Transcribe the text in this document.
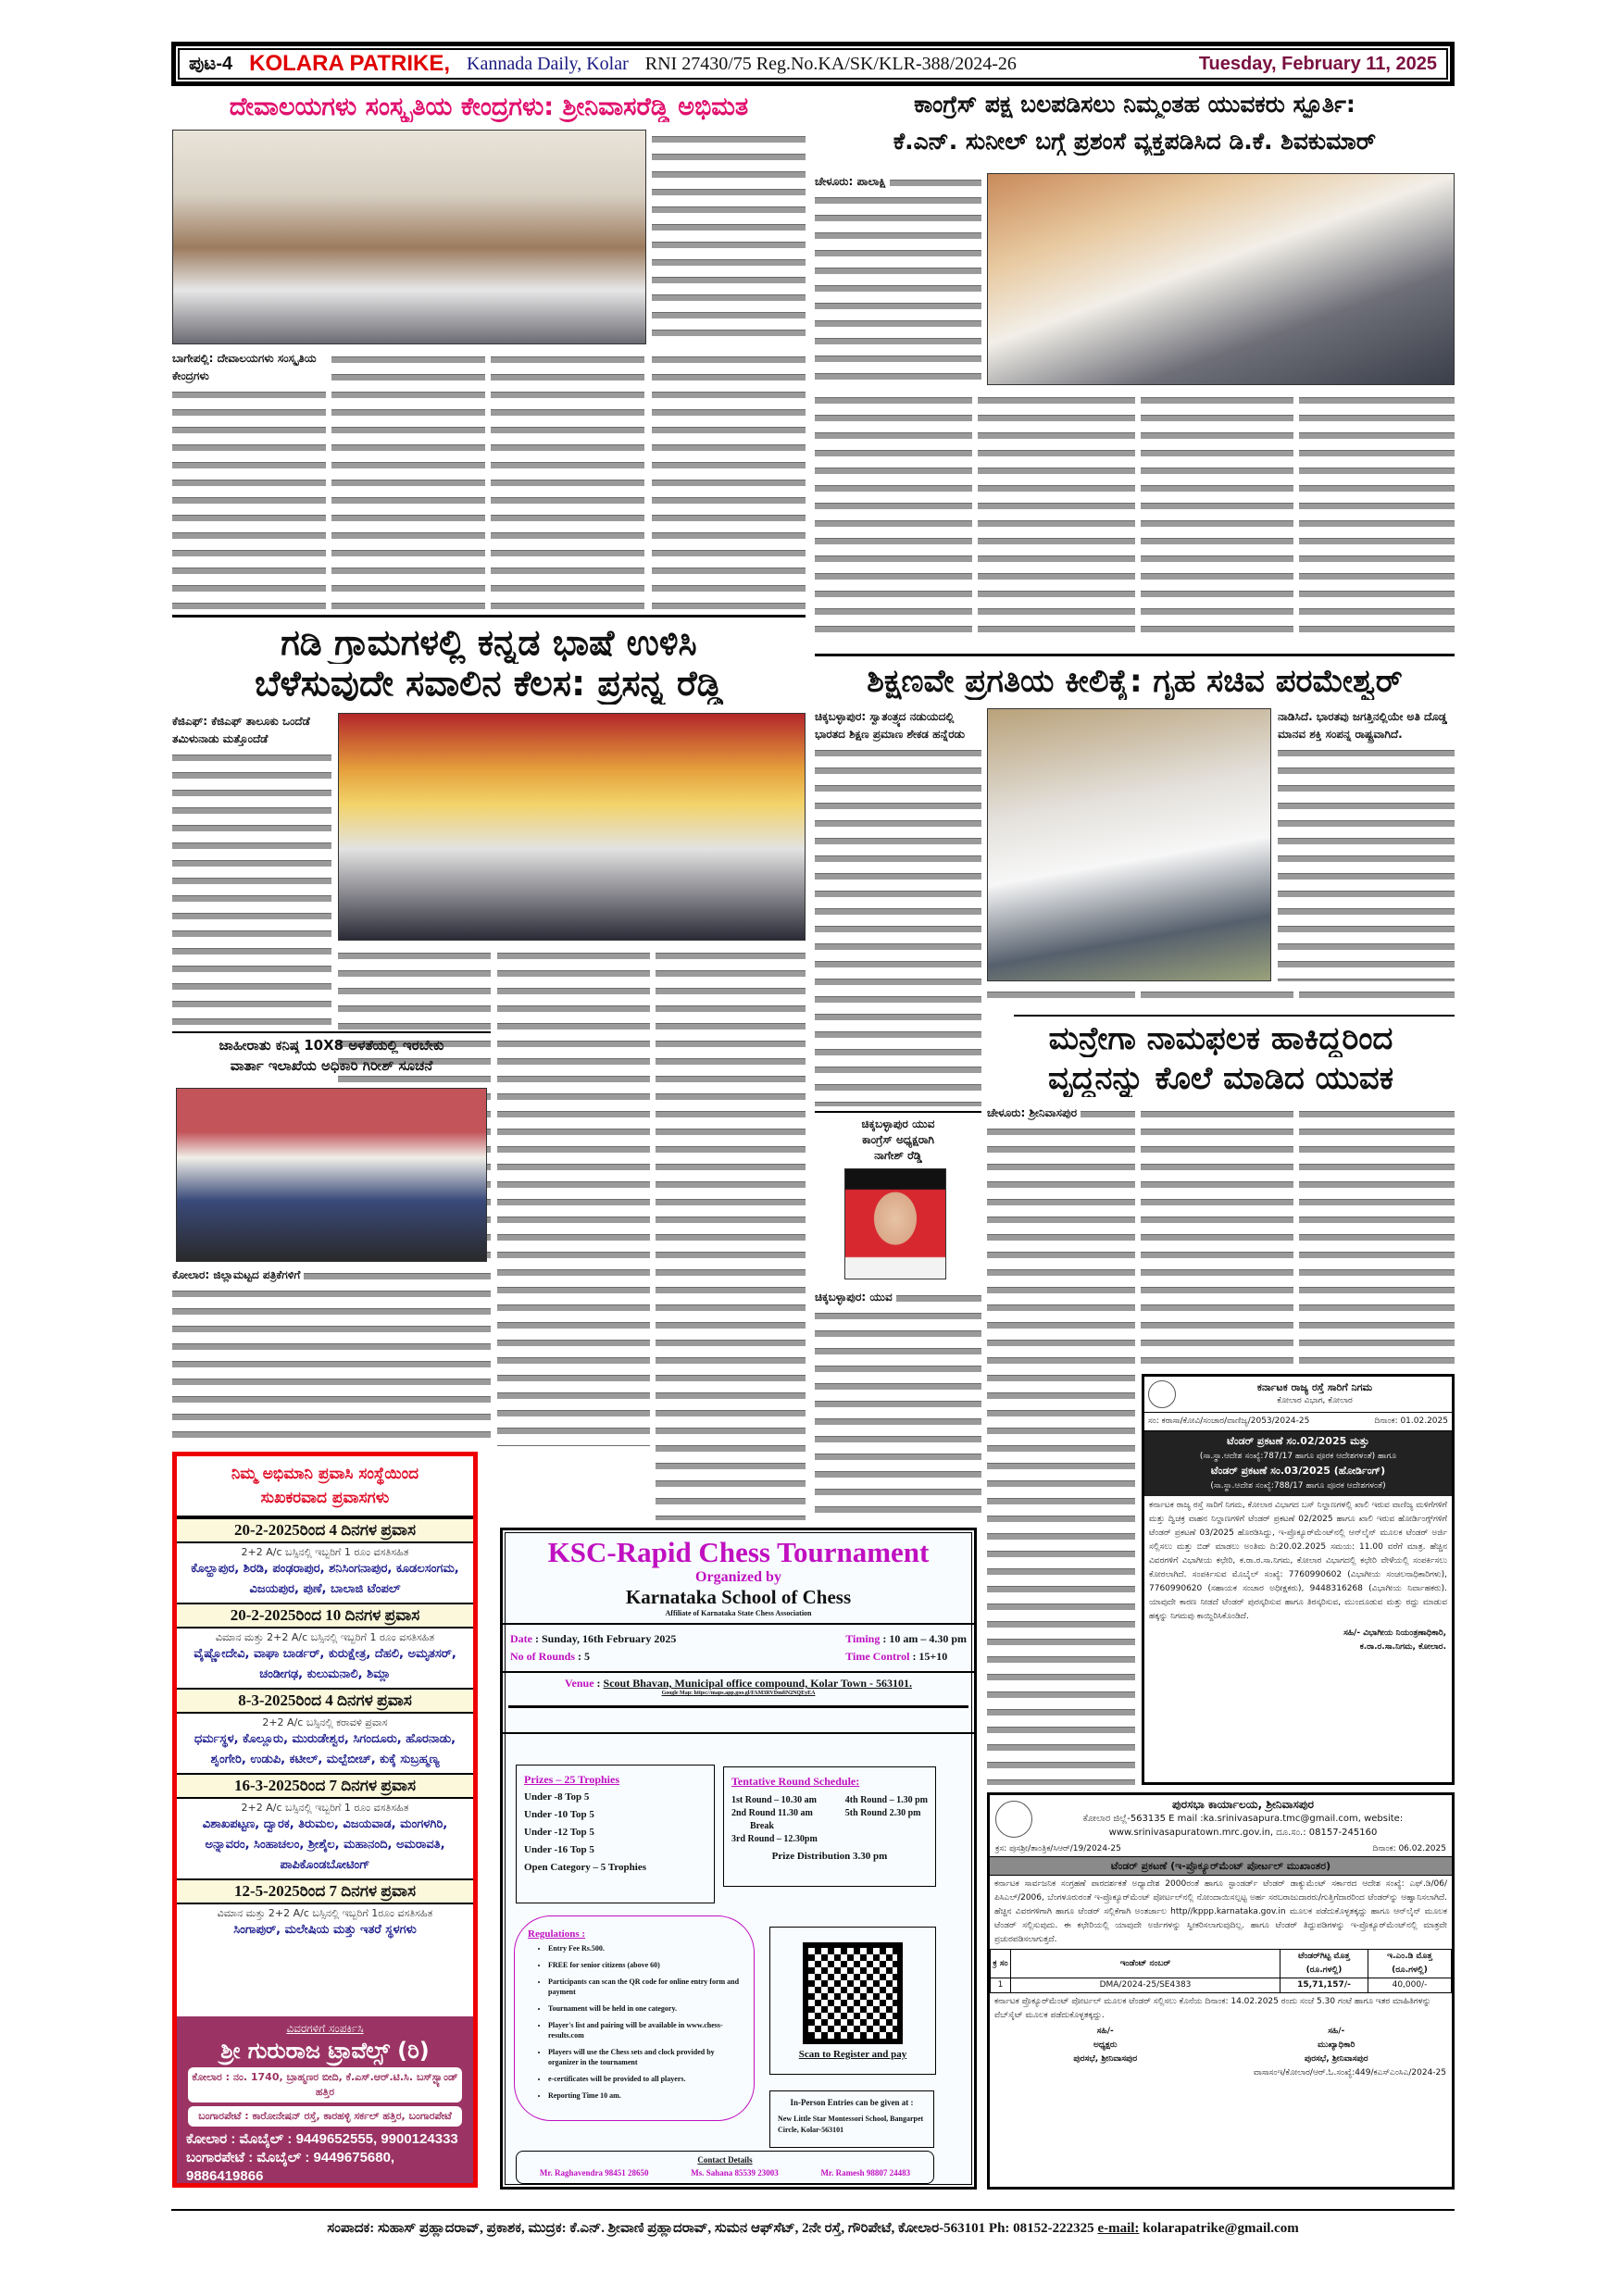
ಪುಟ-4 KOLARA PATRIKE, Kannada Daily, Kolar RNI 27430/75 Reg.No.KA/SK/KLR-388/2024-26	Tuesday, February 11, 2025
ದೇವಾಲಯಗಳು ಸಂಸ್ಕೃತಿಯ ಕೇಂದ್ರಗಳು: ಶ್ರೀನಿವಾಸರೆಡ್ಡಿ ಅಭಿಮತ
ಬಾಗೇಪಲ್ಲಿ: ದೇವಾಲಯಗಳು ಸಂಸ್ಕೃತಿಯ ಕೇಂದ್ರಗಳು
ಕಾಂಗ್ರೆಸ್ ಪಕ್ಷ ಬಲಪಡಿಸಲು ನಿಮ್ಮಂತಹ ಯುವಕರು ಸ್ಫೂರ್ತಿ:
ಕೆ.ಎನ್. ಸುನೀಲ್ ಬಗ್ಗೆ ಪ್ರಶಂಸೆ ವ್ಯಕ್ತಪಡಿಸಿದ ಡಿ.ಕೆ. ಶಿವಕುಮಾರ್
ಚೇಳೂರು: ಪಾಲಾಕ್ಷಿ
ಗಡಿ ಗ್ರಾಮಗಳಲ್ಲಿ ಕನ್ನಡ ಭಾಷೆ ಉಳಿಸಿ
ಬೆಳೆಸುವುದೇ ಸವಾಲಿನ ಕೆಲಸ: ಪ್ರಸನ್ನ ರೆಡ್ಡಿ
ಕೆಜಿಎಫ್: ಕೆಜಿಎಫ್ ತಾಲೂಕು ಒಂದೆಡೆ ತಮಿಳುನಾಡು ಮತ್ತೊಂದೆಡೆ
ಜಾಹೀರಾತು ಕನಿಷ್ಠ 10X8 ಅಳತೆಯಲ್ಲಿ ಇರಬೇಕು
ವಾರ್ತಾ ಇಲಾಖೆಯ ಅಧಿಕಾರಿ ಗಿರೀಶ್ ಸೂಚನೆ
ಕೋಲಾರ: ಜಿಲ್ಲಾಮಟ್ಟದ ಪತ್ರಿಕೆಗಳಿಗೆ
ಶಿಕ್ಷಣವೇ ಪ್ರಗತಿಯ ಕೀಲಿಕೈ: ಗೃಹ ಸಚಿವ ಪರಮೇಶ್ವರ್
ಚಿಕ್ಕಬಳ್ಳಾಪುರ: ಸ್ವಾತಂತ್ರ್ಯದ ನಡುಯದಲ್ಲಿ ಭಾರತದ ಶಿಕ್ಷಣ ಪ್ರಮಾಣ ಶೇಕಡ ಹನ್ನೆರಡು
ನಾಡಿಸಿದೆ. ಭಾರತವು ಜಗತ್ತಿನಲ್ಲಿಯೇ ಅತಿ ದೊಡ್ಡ ಮಾನವ ಶಕ್ತಿ ಸಂಪನ್ನ ರಾಷ್ಟ್ರವಾಗಿದೆ.
ಚಿಕ್ಕಬಳ್ಳಾಪುರ ಯುವ
ಕಾಂಗ್ರೆಸ್ ಅಧ್ಯಕ್ಷರಾಗಿ
ನಾಗೇಶ್ ರೆಡ್ಡಿ
ಚಿಕ್ಕಬಳ್ಳಾಪುರ: ಯುವ
ಮನ್ರೇಗಾ ನಾಮಫಲಕ ಹಾಕಿದ್ದರಿಂದ
ವೃದ್ಧನನ್ನು ಕೊಲೆ ಮಾಡಿದ ಯುವಕ
ಚೇಳೂರು: ಶ್ರೀನಿವಾಸಪುರ
ಕರ್ನಾಟಕ ರಾಜ್ಯ ರಸ್ತೆ ಸಾರಿಗೆ ನಿಗಮ
ಕೋಲಾರ ವಿಭಾಗ, ಕೋಲಾರ
ಸಂ: ಕರಾಸಾ/ಕೋವಿ/ಸಂಚಾರ/ವಾಣಿಜ್ಯ/2053/2024-25	ದಿನಾಂಕ: 01.02.2025
ಟೆಂಡರ್ ಪ್ರಕಟಣೆ ಸಂ.02/2025 ಮತ್ತು
(ಸಾ.ಸ್ಥಾ.ಆದೇಶ ಸಂಖ್ಯೆ:787/17 ಹಾಗೂ ಪೂರಕ ಆದೇಶಗಳಂತೆ) ಹಾಗೂ
ಟೆಂಡರ್ ಪ್ರಕಟಣೆ ಸಂ.03/2025 (ಹೋರ್ಡಿಂಗ್)
(ಸಾ.ಸ್ಥಾ.ಆದೇಶ ಸಂಖ್ಯೆ:788/17 ಹಾಗೂ ಪೂರಕ ಆದೇಶಗಳಂತೆ)
ಕರ್ನಾಟಕ ರಾಜ್ಯ ರಸ್ತೆ ಸಾರಿಗೆ ನಿಗಮ, ಕೋಲಾರ ವಿಭಾಗದ ಬಸ್ ನಿಲ್ದಾಣಗಳಲ್ಲಿ ಖಾಲಿ ಇರುವ ವಾಣಿಜ್ಯ ಮಳಿಗೆಗಳಿಗೆ ಮತ್ತು ದ್ವಿಚಕ್ರ ವಾಹನ ನಿಲ್ದಾಣಗಳಿಗೆ ಟೆಂಡರ್ ಪ್ರಕಟಣೆ 02/2025 ಹಾಗೂ ಖಾಲಿ ಇರುವ ಹೋರ್ಡಿಂಗ್ಸ್‌ಗಳಿಗೆ ಟೆಂಡರ್ ಪ್ರಕಟಣೆ 03/2025 ಹೊರಡಿಸಿದ್ದು, ಇ-ಪ್ರೊಕ್ಯೂರ್‌ಮೆಂಟ್‌ನಲ್ಲಿ ಆನ್‌ಲೈನ್ ಮೂಲಕ ಟೆಂಡರ್ ಅರ್ಜಿ ಸಲ್ಲಿಸಲು ಮತ್ತು ಬಿಡ್ ಮಾಡಲು ಅಂತಿಮ ದಿ:20.02.2025 ಸಮಯ: 11.00 ವರೆಗೆ ಮಾತ್ರ. ಹೆಚ್ಚಿನ ವಿವರಗಳಿಗೆ ವಿಭಾಗೀಯ ಕಛೇರಿ, ಕ.ರಾ.ರ.ಸಾ.ನಿಗಮ, ಕೋಲಾರ ವಿಭಾಗದಲ್ಲಿ ಕಛೇರಿ ವೇಳೆಯಲ್ಲಿ ಸಂಪರ್ಕಿಸಲು ಕೋರಲಾಗಿದೆ. ಸಂಪರ್ಕಿಸುವ ಮೊಬೈಲ್ ಸಂಖ್ಯೆ: 7760990602 (ವಿಭಾಗೀಯ ಸಂಚಲನಾಧಿಕಾರಿಗಳು), 7760990620 (ಸಹಾಯಕ ಸಂಚಾರ ಅಧೀಕ್ಷಕರು), 9448316268 (ವಿಭಾಗೀಯ ನಿರ್ವಾಹಕರು). ಯಾವುದೇ ಕಾರಣ ನೀಡದೆ ಟೆಂಡರ್ ಪುರಸ್ಕರಿಸುವ ಹಾಗೂ ತಿರಸ್ಕರಿಸುವ, ಮುಂದೂಡುವ ಮತ್ತು ರದ್ದು ಮಾಡುವ ಹಕ್ಕನ್ನು ನಿಗಮವು ಕಾಯ್ದಿರಿಸಿಕೊಂಡಿದೆ.
ಸಹಿ/- ವಿಭಾಗೀಯ ನಿಯಂತ್ರಣಾಧಿಕಾರಿ,
ಕ.ರಾ.ರ.ಸಾ.ನಿಗಮ, ಕೋಲಾರ.
ಪುರಸಭಾ ಕಾರ್ಯಾಲಯ, ಶ್ರೀನಿವಾಸಪುರ
ಕೋಲಾರ ಜಿಲ್ಲೆ-563135 E mail :ka.srinivasapura.tmc@gmail.com, website:
www.srinivasapuratown.mrc.gov.in, ದೂ.ಸಂ.: 08157-245160
ಕ್ರಸ: ಪುಸಶ್ರೀ/ತಾಂತ್ರಿಕ/ಸಿಆರ್/19/2024-25	ದಿನಾಂಕ: 06.02.2025
ಟೆಂಡರ್ ಪ್ರಕಟಣೆ (ಇ-ಪ್ರೊಕ್ಯೂರ್‌ಮೆಂಟ್ ಪೋರ್ಟಲ್ ಮುಖಾಂತರ)
ಕರ್ನಾಟಕ ಸಾರ್ವಜನಿಕ ಸಂಗ್ರಹಣೆ ಪಾರದರ್ಶಕತೆ ಅಧ್ಯಾದೇಶ 2000ರಂತೆ ಹಾಗೂ ಸ್ಟಾಂಡರ್ಡ್ ಟೆಂಡರ್ ಡಾಕ್ಯುಮೆಂಟ್ ಸರ್ಕಾರದ ಆದೇಶ ಸಂಖ್ಯೆ: ಎಫ್.ಡಿ/06/ಪಿಸಿಎಲ್/2006, ಬೆಂಗಳೂರುರಂತೆ ಇ-ಪ್ರೊಕ್ಯೂರ್‌ಮೆಂಟ್ ಪೋರ್ಟಲ್‌ನಲ್ಲಿ ನೋಂದಾಯಿಸಲ್ಪಟ್ಟ ಅರ್ಹ ಸರಬರಾಜುದಾರರು/ಗುತ್ತಿಗೆದಾರರಿಂದ ಟೆಂಡರ್‌ನ್ನು ಆಹ್ವಾನಿಸಲಾಗಿದೆ. ಹೆಚ್ಚಿನ ವಿವರಗಳಿಗಾಗಿ ಹಾಗೂ ಟೆಂಡರ್ ಸಲ್ಲಿಕೆಗಾಗಿ ಅಂತರ್ಜಾಲ http//kppp.karnataka.gov.in ಮೂಲಕ ಪಡೆದುಕೊಳ್ಳತಕ್ಕದ್ದು ಹಾಗೂ ಆನ್‌ಲೈನ್ ಮೂಲಕ ಟೆಂಡರ್ ಸಲ್ಲಿಸುವುದು. ಈ ಕಛೇರಿಯಲ್ಲಿ ಯಾವುದೇ ಅರ್ಜಿಗಳನ್ನು ಸ್ವೀಕರಿಸಲಾಗುವುದಿಲ್ಲ. ಹಾಗೂ ಟೆಂಡರ್ ತಿದ್ದುಪಡಿಗಳನ್ನು ಇ-ಪ್ರೊಕ್ಯೂರ್‌ಮೆಂಟ್‌ನಲ್ಲಿ ಮಾತ್ರವೇ ಪ್ರಚುರಪಡಿಸಲಾಗುತ್ತದೆ.
ಕ್ರ ಸಂ	ಇಂಡೆಂಟ್ ನಂಬರ್	ಟೆಂಡರ್‌ಗಿಟ್ಟ ಮೊತ್ತ (ರೂ.ಗಳಲ್ಲಿ)	ಇ.ಎಂ.ಡಿ ಮೊತ್ತ (ರೂ.ಗಳಲ್ಲಿ)
1	DMA/2024-25/SE4383	15,71,157/-	40,000/-
ಕರ್ನಾಟಕ ಪ್ರೊಕ್ಯೂರ್‌ಮೆಂಟ್ ಪೋರ್ಟಲ್ ಮೂಲಕ ಟೆಂಡರ್ ಸಲ್ಲಿಸಲು ಕೊನೆಯ ದಿನಾಂಕ: 14.02.2025 ರಂದು ಸಂಜೆ 5.30 ಗಂಟೆ ಹಾಗೂ ಇತರ ಮಾಹಿತಿಗಳನ್ನು ವೆಬ್‌ಸೈಟ್ ಮೂಲಕ ಪಡೆದುಕೊಳ್ಳತಕ್ಕದ್ದು.
ಸಹಿ/-
ಅಧ್ಯಕ್ಷರು
ಪುರಸಭೆ, ಶ್ರೀನಿವಾಸಪುರ
ಸಹಿ/-
ಮುಖ್ಯಾಧಿಕಾರಿ
ಪುರಸಭೆ, ಶ್ರೀನಿವಾಸಪುರ
ವಾಸಾಸಂಇ/ಕೋಲಾರ/ಆರ್.ಓ.ಸಂಖ್ಯೆ:449/ಕಎಸ್‌ಎಂಸಿಎ/2024-25
ನಿಮ್ಮ ಅಭಿಮಾನಿ ಪ್ರವಾಸಿ ಸಂಸ್ಥೆಯಿಂದ
ಸುಖಕರವಾದ ಪ್ರವಾಸಗಳು
20-2-2025ರಿಂದ 4 ದಿನಗಳ ಪ್ರವಾಸ
2+2 A/c ಬಸ್ಸಿನಲ್ಲಿ ಇಬ್ಬರಿಗೆ 1 ರೂಂ ವಸತಿಸಹಿತ
ಕೊಲ್ಹಾಪುರ, ಶಿರಡಿ, ಪಂಢರಾಪುರ, ಶನಿಸಿಂಗನಾಪುರ, ಕೂಡಲಸಂಗಮ, ವಿಜಯಪುರ, ಪುಣೆ, ಬಾಲಾಜಿ ಟೆಂಪಲ್
20-2-2025ರಿಂದ 10 ದಿನಗಳ ಪ್ರವಾಸ
ವಿಮಾನ ಮತ್ತು 2+2 A/c ಬಸ್ಸಿನಲ್ಲಿ ಇಬ್ಬರಿಗೆ 1 ರೂಂ ವಸತಿಸಹಿತ
ವೈಷ್ಣೋದೇವಿ, ವಾಘಾ ಬಾರ್ಡರ್, ಕುರುಕ್ಷೇತ್ರ, ದೆಹಲಿ, ಅಮೃತಸರ್, ಚಂಡೀಗಢ, ಕುಲುಮನಾಲಿ, ಶಿಮ್ಲಾ
8-3-2025ರಿಂದ 4 ದಿನಗಳ ಪ್ರವಾಸ
2+2 A/c ಬಸ್ಸಿನಲ್ಲಿ ಕರಾವಳಿ ಪ್ರವಾಸ
ಧರ್ಮಸ್ಥಳ, ಕೊಲ್ಲೂರು, ಮುರುಡೇಶ್ವರ, ಸಿಗಂದೂರು, ಹೊರನಾಡು, ಶೃಂಗೇರಿ, ಉಡುಪಿ, ಕಟೀಲ್, ಮಲ್ಪೆಬೀಚ್, ಕುಕ್ಕೆ ಸುಬ್ರಹ್ಮಣ್ಯ
16-3-2025ರಿಂದ 7 ದಿನಗಳ ಪ್ರವಾಸ
2+2 A/c ಬಸ್ಸಿನಲ್ಲಿ ಇಬ್ಬರಿಗೆ 1 ರೂಂ ವಸತಿಸಹಿತ
ವಿಶಾಖಪಟ್ಟಣ, ದ್ವಾರಕ, ತಿರುಮಲ, ವಿಜಯವಾಡ, ಮಂಗಳಗಿರಿ, ಅನ್ನಾವರಂ, ಸಿಂಹಾಚಲಂ, ಶ್ರೀಶೈಲ, ಮಹಾನಂದಿ, ಅಮರಾವತಿ, ಪಾಪಿಕೊಂಡಬೋಟಿಂಗ್
12-5-2025ರಿಂದ 7 ದಿನಗಳ ಪ್ರವಾಸ
ವಿಮಾನ ಮತ್ತು 2+2 A/c ಬಸ್ಸಿನಲ್ಲಿ ಇಬ್ಬರಿಗೆ 1ರೂಂ ವಸತಿಸಹಿತ
ಸಿಂಗಾಪುರ್, ಮಲೇಷಿಯ ಮತ್ತು ಇತರೆ ಸ್ಥಳಗಳು
ವಿವರಗಳಿಗೆ ಸಂಪರ್ಕಿಸಿ
ಶ್ರೀ ಗುರುರಾಜ ಟ್ರಾವೆಲ್ಸ್ (ರಿ)
ಕೋಲಾರ : ನಂ. 1740, ಬ್ರಾಹ್ಮಣರ ಬೀದಿ, ಕೆ.ಎಸ್.ಆರ್.ಟಿ.ಸಿ. ಬಸ್‌ಸ್ಟ್ಯಾಂಡ್ ಹತ್ತಿರ
ಬಂಗಾರಪೇಟೆ : ಕಾರೋನೇಷನ್ ರಸ್ತೆ, ಕಾರಹಳ್ಳಿ ಸರ್ಕಲ್ ಹತ್ತಿರ, ಬಂಗಾರಪೇಟೆ
ಕೋಲಾರ : ಮೊಬೈಲ್ : 9449652555, 9900124333
ಬಂಗಾರಪೇಟೆ : ಮೊಬೈಲ್ : 9449675680, 9886419866
KSC-Rapid Chess Tournament
Organized by
Karnataka School of Chess
Affiliate of Karnataka State Chess Association
Date : Sunday, 16th February 2025
No of Rounds : 5
Timing : 10 am – 4.30 pm
Time Control : 15+10
Venue : Scout Bhavan, Municipal office compound, Kolar Town - 563101.
Google Map: https://maps.app.goo.gl/FAM3RVDmfiN2NQEyEA
Prizes – 25 Trophies
Under -8 Top 5
Under -10 Top 5
Under -12 Top 5
Under -16 Top 5
Open Category – 5 Trophies
Tentative Round Schedule:
1st Round – 10.30 am
2nd Round 11.30 am
Break
3rd Round – 12.30pm
4th Round – 1.30 pm
5th Round 2.30 pm
Prize Distribution 3.30 pm
Regulations :
• Entry Fee Rs.500.
• FREE for senior citizens (above 60)
• Participants can scan the QR code for online entry form and payment
• Tournament will be held in one category.
• Player's list and pairing will be available in www.chess-results.com
• Players will use the Chess sets and clock provided by organizer in the tournament
• e-certificates will be provided to all players.
• Reporting Time 10 am.
Scan to Register and pay
In-Person Entries can be given at :
New Little Star Montessori School, Bangarpet Circle, Kolar-563101
Contact Details
Mr. Raghavendra 98451 28650	Ms. Sahana 85539 23003	Mr. Ramesh 98807 24483
ಸಂಪಾದಕ: ಸುಹಾಸ್ ಪ್ರಹ್ಲಾದರಾವ್, ಪ್ರಕಾಶಕ, ಮುದ್ರಕ: ಕೆ.ಎನ್. ಶ್ರೀವಾಣಿ ಪ್ರಹ್ಲಾದರಾವ್, ಸುಮನ ಆಫ್‌ಸೆಟ್, 2ನೇ ರಸ್ತೆ, ಗೌರಿಪೇಟೆ, ಕೋಲಾರ-563101 Ph: 08152-222325 e-mail: kolarapatrike@gmail.com
